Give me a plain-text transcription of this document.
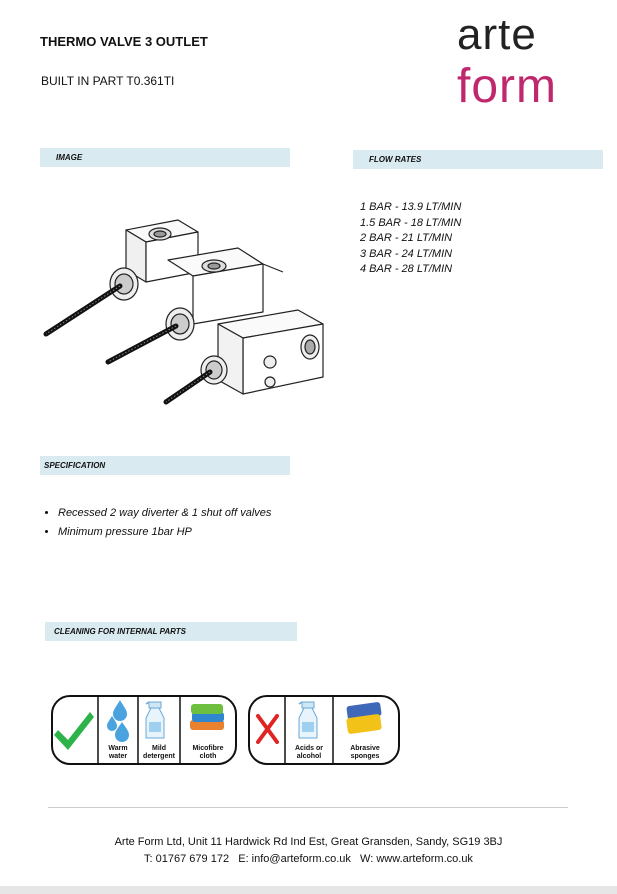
THERMO VALVE 3 OUTLET
BUILT IN PART T0.361TI
arte
form
IMAGE	FLOW RATES
SPECIFICATION
CLEANING FOR INTERNAL PARTS
1 BAR - 13.9 LT/MIN
1.5 BAR - 18 LT/MIN
2 BAR - 21 LT/MIN
3 BAR - 24 LT/MIN
4 BAR - 28 LT/MIN
• Recessed 2 way diverter & 1 shut off valves
• Minimum pressure 1bar HP
Warm
water
Mild
detergent
Micofibre
cloth
Acids or
alcohol
Abrasive
sponges
Arte Form Ltd, Unit 11 Hardwick Rd Ind Est, Great Gransden, Sandy, SG19 3BJ
T: 01767 679 172   E: info@arteform.co.uk   W: www.arteform.co.uk
